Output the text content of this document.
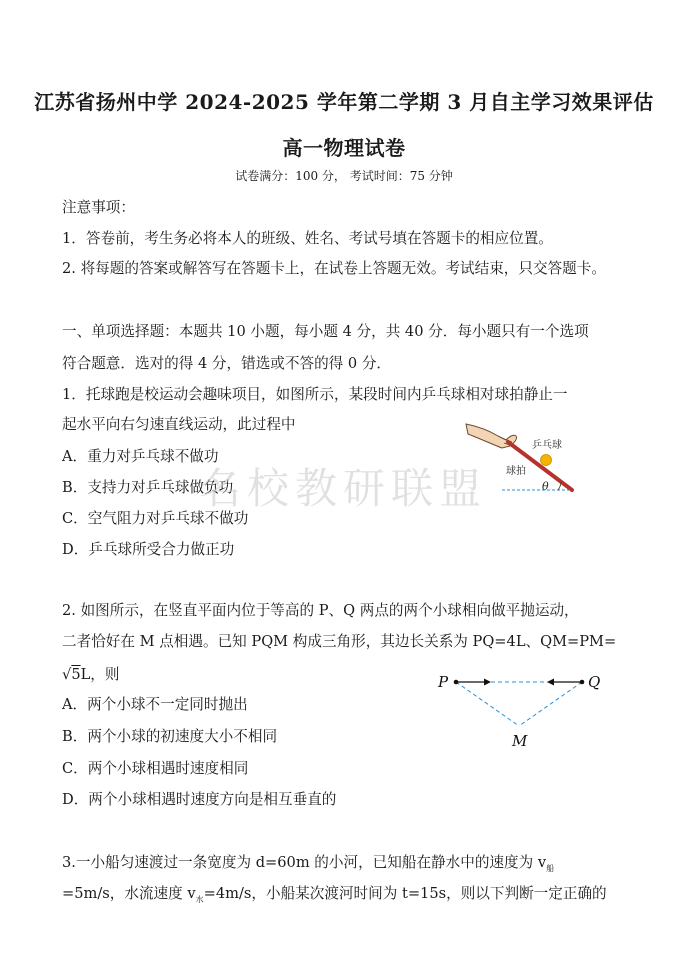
江苏省扬州中学 2024-2025 学年第二学期 3 月自主学习效果评估
高一物理试卷
试卷满分：100 分， 考试时间：75 分钟
注意事项：
1．答卷前，考生务必将本人的班级、姓名、考试号填在答题卡的相应位置。
2. 将每题的答案或解答写在答题卡上，在试卷上答题无效。考试结束，只交答题卡。
一、单项选择题：本题共 10 小题，每小题 4 分，共 40 分．每小题只有一个选项
符合题意．选对的得 4 分，错选或不答的得 0 分．
1．托球跑是校运动会趣味项目，如图所示，某段时间内乒乓球相对球拍静止一
起水平向右匀速直线运动，此过程中
A．重力对乒乓球不做功
B．支持力对乒乓球做负功
C．空气阻力对乒乓球不做功
D．乒乓球所受合力做正功
乒乓球
球拍
θ
2. 如图所示，在竖直平面内位于等高的 P、Q 两点的两个小球相向做平抛运动，
二者恰好在 M 点相遇。已知 PQM 构成三角形，其边长关系为 PQ=4L、QM=PM=
√5L，则
A．两个小球不一定同时抛出
B．两个小球的初速度大小不相同
C．两个小球相遇时速度相同
D．两个小球相遇时速度方向是相互垂直的
P	Q
M
3.一小船匀速渡过一条宽度为 d=60m 的小河，已知船在静水中的速度为 $v_船$
=5m/s，水流速度 $v_水=4m/s$，小船某次渡河时间为 t=15s，则以下判断一定正确的
名校教研联盟
